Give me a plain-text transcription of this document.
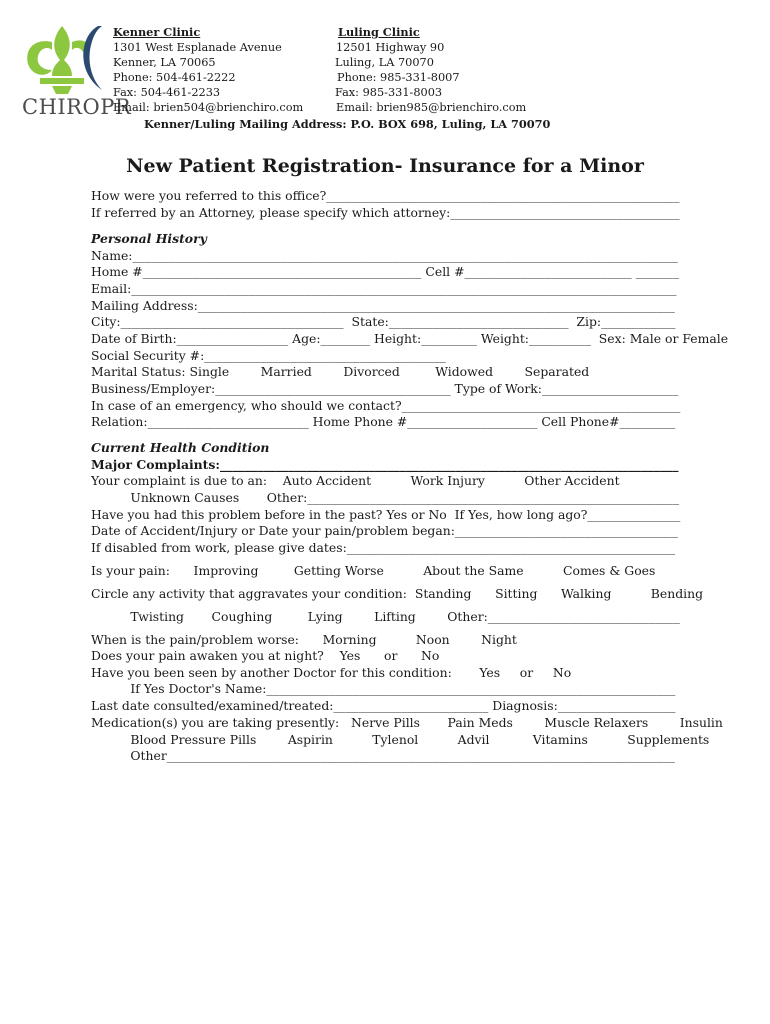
CHIROPR
Kenner Clinic
1301 West Esplanade Avenue
Kenner, LA 70065
Phone: 504-461-2222
Fax: 504-461-2233
Email: brien504@brienchiro.com
Luling Clinic
12501 Highway 90
Luling, LA 70070
Phone: 985-331-8007
Fax: 985-331-8003
Email: brien985@brienchiro.com
Kenner/Luling Mailing Address: P.O. BOX 698, Luling, LA 70070
New Patient Registration- Insurance for a Minor
How were you referred to this office?_________________________________________________________
If referred by an Attorney, please specify which attorney:_____________________________________
Personal History
Name:________________________________________________________________________________________
Home #_____________________________________________ Cell #___________________________ _______
Email:________________________________________________________________________________________
Mailing Address:_____________________________________________________________________________
City:____________________________________  State:_____________________________  Zip:____________
Date of Birth:__________________ Age:________ Height:_________ Weight:__________  Sex: Male or Female
Social Security #:_______________________________________
Marital Status: Single        Married        Divorced         Widowed        Separated
Business/Employer:______________________________________ Type of Work:______________________
In case of an emergency, who should we contact?_____________________________________________
Relation:__________________________ Home Phone #_____________________ Cell Phone#_________
Current Health Condition
Major Complaints:__________________________________________________________________________
Your complaint is due to an:    Auto Accident          Work Injury          Other Accident
Unknown Causes       Other:____________________________________________________________
Have you had this problem before in the past? Yes or No  If Yes, how long ago?_______________
Date of Accident/Injury or Date your pain/problem began:____________________________________
If disabled from work, please give dates:_____________________________________________________
Is your pain:      Improving         Getting Worse          About the Same          Comes & Goes
Circle any activity that aggravates your condition:  Standing      Sitting      Walking          Bending
Twisting       Coughing         Lying        Lifting        Other:_______________________________
When is the pain/problem worse:      Morning          Noon        Night
Does your pain awaken you at night?    Yes      or      No
Have you been seen by another Doctor for this condition:       Yes     or     No
If Yes Doctor's Name:__________________________________________________________________
Last date consulted/examined/treated:_________________________ Diagnosis:___________________
Medication(s) you are taking presently:   Nerve Pills       Pain Meds        Muscle Relaxers        Insulin
Blood Pressure Pills        Aspirin          Tylenol          Advil           Vitamins          Supplements
Other__________________________________________________________________________________
